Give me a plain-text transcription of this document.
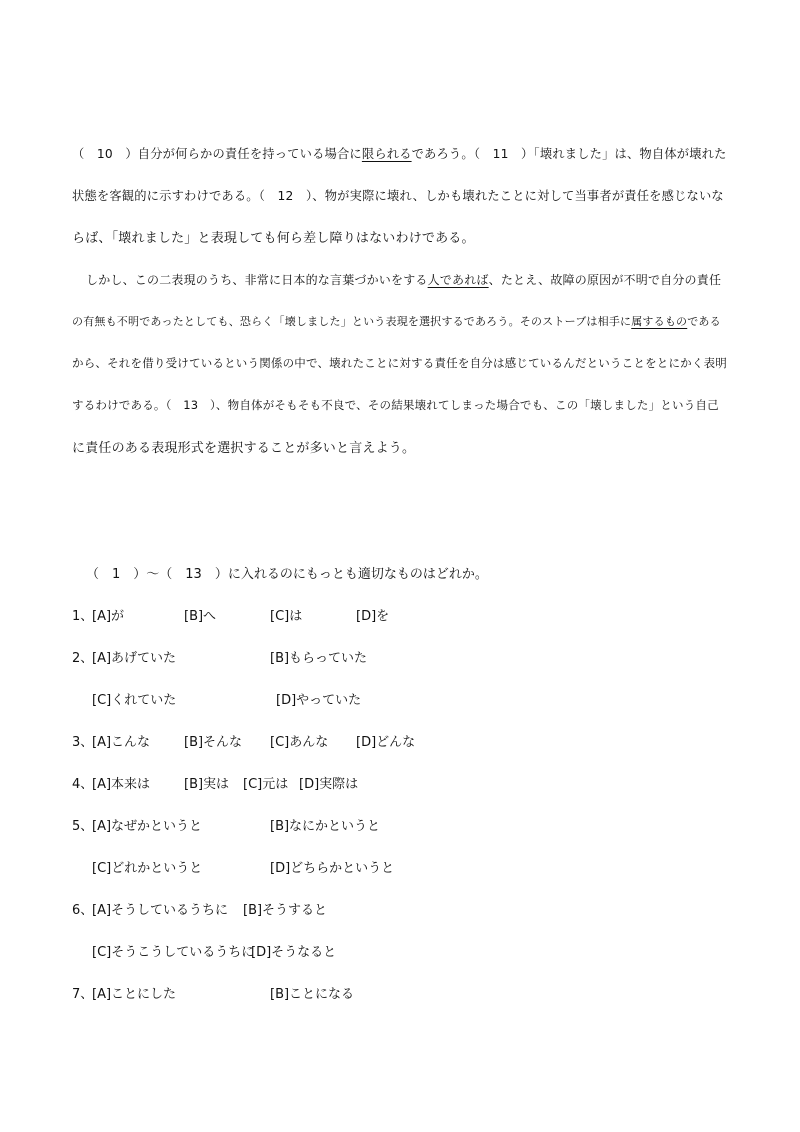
（　10　）自分が何らかの責任を持っている場合に限られるであろう。（　11　）「壊れました」は、物自体が壊れた
状態を客観的に示すわけである。（　12　）、物が実際に壊れ、しかも壊れたことに対して当事者が責任を感じないな
らば、「壊れました」と表現しても何ら差し障りはないわけである。
しかし、この二表現のうち、非常に日本的な言葉づかいをする人であれば、たとえ、故障の原因が不明で自分の責任
の有無も不明であったとしても、恐らく「壊しました」という表現を選択するであろう。そのストーブは相手に属するものである
から、それを借り受けているという関係の中で、壊れたことに対する責任を自分は感じているんだということをとにかく表明
するわけである。（　13　）、物自体がそもそも不良で、その結果壊れてしまった場合でも、この「壊しました」という自己
に責任のある表現形式を選択することが多いと言えよう。
（　1　）～（　13　）に入れるのにもっとも適切なものはどれか。
1、
[A]が	[B]へ	[C]は	[D]を
2、
[A]あげていた	[B]もらっていた
[C]くれていた	[D]やっていた
3、
[A]こんな	[B]そんな [C]あんな [D]どんな
4、
[A]本来は	[B]実は [C]元は [D]実際は
5、
[A]なぜかというと	[B]なにかというと
[C]どれかというと	[D]どちらかというと
6、
[A]そうしているうちに [B]そうすると
[C]そうこうしているうちに
[D]そうなると
7、
[A]ことにした	[B]ことになる
